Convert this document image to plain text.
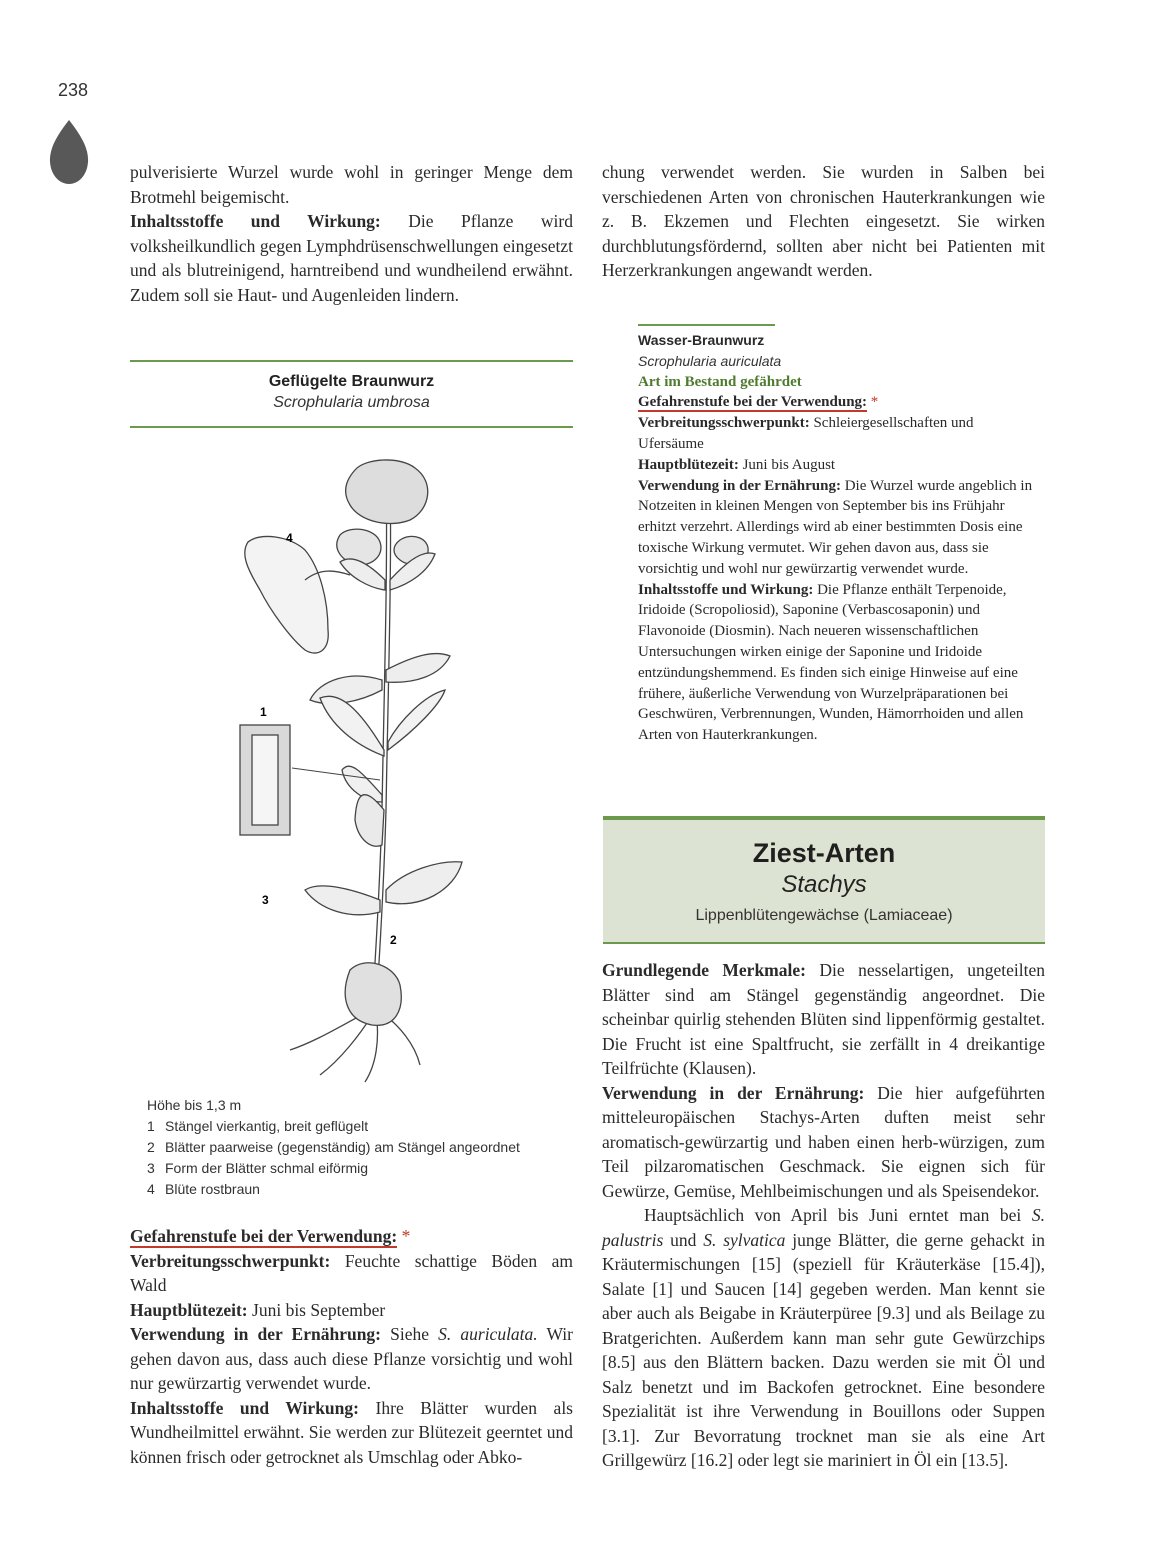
238

pulverisierte Wurzel wurde wohl in geringer Menge dem Brotmehl beigemischt.

Inhaltsstoffe und Wirkung: Die Pflanze wird volksheilkundlich gegen Lymphdrüsenschwellungen eingesetzt und als blutreinigend, harntreibend und wundheilend erwähnt. Zudem soll sie Haut- und Augenleiden lindern.

chung verwendet werden. Sie wurden in Salben bei verschiedenen Arten von chronischen Hauterkrankungen wie z. B. Ekzemen und Flechten eingesetzt. Sie wirken durchblutungsfördernd, sollten aber nicht bei Patienten mit Herzerkrankungen angewandt werden.

Geflügelte Braunwurz
Scrophularia umbrosa
4
1
3
2
Höhe bis 1,3 m
1 Stängel vierkantig, breit geflügelt
2 Blätter paarweise (gegenständig) am Stängel angeordnet
3 Form der Blätter schmal eiförmig
4 Blüte rostbraun

Gefahrenstufe bei der Verwendung: *

Verbreitungsschwerpunkt: Feuchte schattige Böden am Wald

Hauptblütezeit: Juni bis September

Verwendung in der Ernährung: Siehe S. auriculata. Wir gehen davon aus, dass auch diese Pflanze vorsichtig und wohl nur gewürzartig verwendet wurde.

Inhaltsstoffe und Wirkung: Ihre Blätter wurden als Wundheilmittel erwähnt. Sie werden zur Blütezeit geerntet und können frisch oder getrocknet als Umschlag oder Abko-

Wasser-Braunwurz
Scrophularia auriculata
Art im Bestand gefährdet

Gefahrenstufe bei der Verwendung: *

Verbreitungsschwerpunkt: Schleiergesellschaften und Ufersäume

Hauptblütezeit: Juni bis August

Verwendung in der Ernährung: Die Wurzel wurde angeblich in Notzeiten in kleinen Mengen von September bis ins Frühjahr erhitzt verzehrt. Allerdings wird ab einer bestimmten Dosis eine toxische Wirkung vermutet. Wir gehen davon aus, dass sie vorsichtig und wohl nur gewürzartig verwendet wurde.

Inhaltsstoffe und Wirkung: Die Pflanze enthält Terpenoide, Iridoide (Scropoliosid), Saponine (Verbascosaponin) und Flavonoide (Diosmin). Nach neueren wissenschaftlichen Untersuchungen wirken einige der Saponine und Iridoide entzündungshemmend. Es finden sich einige Hinweise auf eine frühere, äußerliche Verwendung von Wurzelpräparationen bei Geschwüren, Verbrennungen, Wunden, Hämorrhoiden und allen Arten von Hauterkrankungen.

Ziest-Arten
Stachys
Lippenblütengewächse (Lamiaceae)

Grundlegende Merkmale: Die nesselartigen, ungeteilten Blätter sind am Stängel gegenständig angeordnet. Die scheinbar quirlig stehenden Blüten sind lippenförmig gestaltet. Die Frucht ist eine Spaltfrucht, sie zerfällt in 4 dreikantige Teilfrüchte (Klausen).

Verwendung in der Ernährung: Die hier aufgeführten mitteleuropäischen Stachys-Arten duften meist sehr aromatisch-gewürzartig und haben einen herb-würzigen, zum Teil pilzaromatischen Geschmack. Sie eignen sich für Gewürze, Gemüse, Mehlbeimischungen und als Speisendekor.

Hauptsächlich von April bis Juni erntet man bei S. palustris und S. sylvatica junge Blätter, die gerne gehackt in Kräutermischungen [15] (speziell für Kräuterkäse [15.4]), Salate [1] und Saucen [14] gegeben werden. Man kennt sie aber auch als Beigabe in Kräuterpüree [9.3] und als Beilage zu Bratgerichten. Außerdem kann man sehr gute Gewürzchips [8.5] aus den Blättern backen. Dazu werden sie mit Öl und Salz benetzt und im Backofen getrocknet. Eine besondere Spezialität ist ihre Verwendung in Bouillons oder Suppen [3.1]. Zur Bevorratung trocknet man sie als eine Art Grillgewürz [16.2] oder legt sie mariniert in Öl ein [13.5].
